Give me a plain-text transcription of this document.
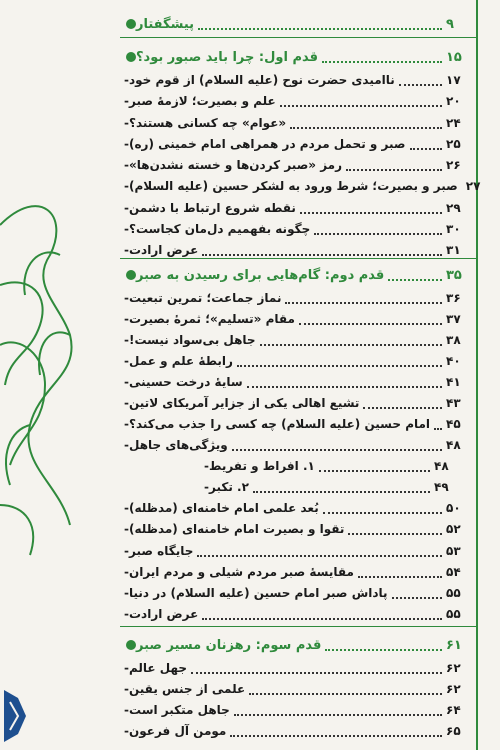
پیشگفتار	۹
قدم اول: چرا باید صبور بود؟	۱۵
- ناامیدی حضرت نوح (علیه السلام) از قوم خود	۱۷
- علم و بصیرت؛ لازمهٔ صبر	۲۰
- «عوام» چه کسانی هستند؟	۲۴
- صبر و تحمل مردم در همراهی امام خمینی (ره)	۲۵
- رمز «صبر کردن‌ها و خسته نشدن‌ها»	۲۶
- صبر و بصیرت؛ شرط ورود به لشکر حسین (علیه السلام) ۲۷
- نقطه شروع ارتباط با دشمن	۲۹
- چگونه بفهمیم دل‌مان کجاست؟	۳۰
- عرض ارادت	۳۱
قدم دوم: گام‌هایی برای رسیدن به صبر	۳۵
- نماز جماعت؛ تمرین تبعیت	۳۶
- مقام «تسلیم»؛ ثمرهٔ بصیرت	۳۷
- جاهل بی‌سواد نیست!	۳۸
- رابطهٔ علم و عمل	۴۰
- سایهٔ درخت حسینی	۴۱
- تشیع اهالی یکی از جزایر آمریکای لاتین	۴۳
- امام حسین (علیه السلام) چه کسی را جذب می‌کند؟ ۴۵
- ویژگی‌های جاهل	۴۸
- ۱. افراط و تفریط	۴۸
- ۲. تکبر	۴۹
- بُعد علمی امام خامنه‌ای (مدظله)	۵۰
- تقوا و بصیرت امام خامنه‌ای (مدظله)	۵۲
- جایگاه صبر	۵۳
- مقایسهٔ صبر مردم شیلی و مردم ایران	۵۴
- پاداش صبر امام حسین (علیه السلام) در دنیا	۵۵
- عرض ارادت	۵۵
قدم سوم: رهزنان مسیر صبر	۶۱
- جهل عالم	۶۲
- علمی از جنس یقین	۶۲
- جاهل متکبر است	۶۴
- مومن آل فرعون	۶۵
